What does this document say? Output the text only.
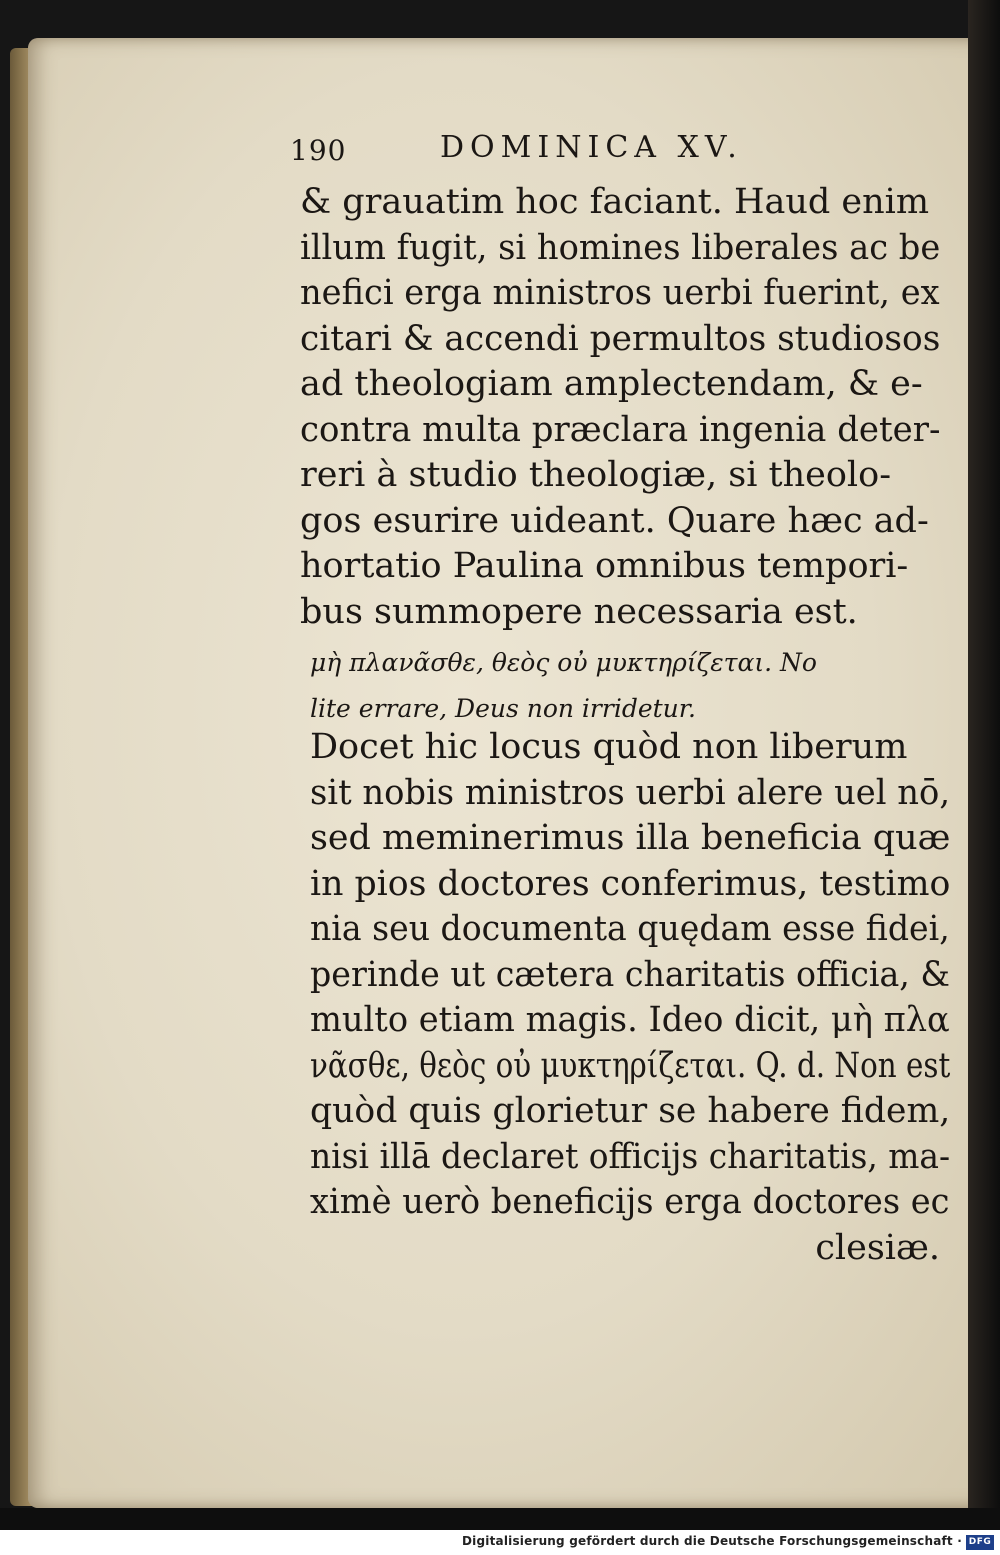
190	DOMINICA XV.
& grauatim hoc faciant. Haud enim
illum fugit, si homines liberales ac be
nefici erga ministros uerbi fuerint, ex
citari & accendi permultos studiosos
ad theologiam amplectendam, & e-
contra multa præclara ingenia deter-
reri à studio theologiæ, si theolo-
gos esurire uideant. Quare hæc ad-
hortatio Paulina omnibus tempori-
bus summopere necessaria est.
μὴ πλανᾶσθε, θεὸς οὐ μυκτηρίζεται. No
lite errare, Deus non irridetur.
Docet hic locus quòd non liberum
sit nobis ministros uerbi alere uel nō,
sed meminerimus illa beneficia quæ
in pios doctores conferimus, testimo
nia seu documenta quędam esse fidei,
perinde ut cætera charitatis officia, &
multo etiam magis. Ideo dicit, μὴ πλα
νᾶσθε, θεὸς οὐ μυκτηρίζεται. Q. d. Non est
quòd quis glorietur se habere fidem,
nisi illā declaret officijs charitatis, ma-
ximè uerò beneficijs erga doctores ec
clesiæ.
Digitalisierung gefördert durch die Deutsche Forschungsgemeinschaft · DFG
